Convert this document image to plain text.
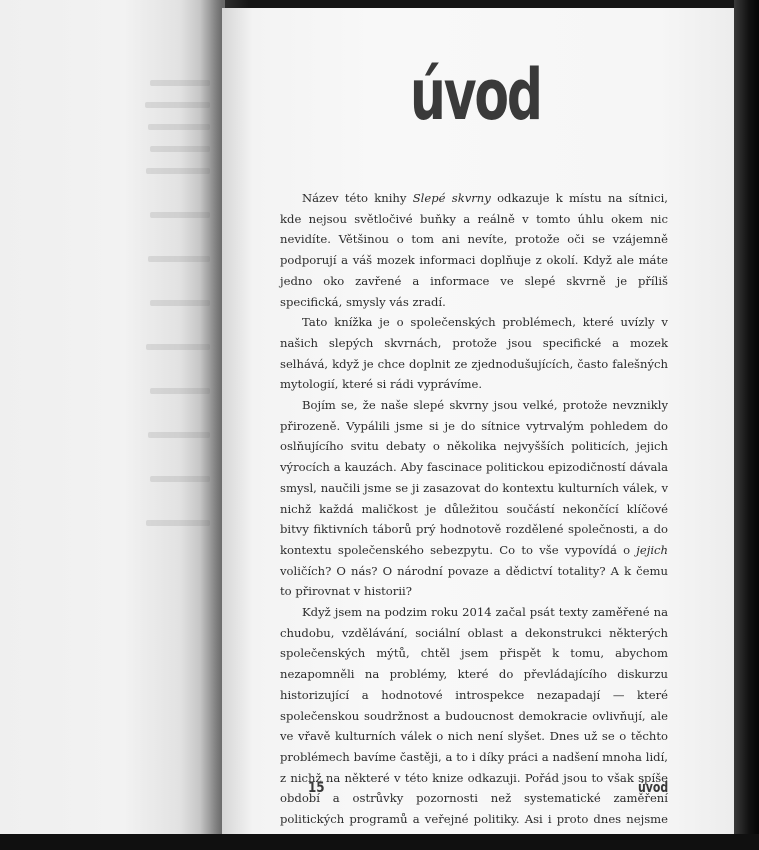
úvod

Název této knihy Slepé skvrny odkazuje k místu na sítnici, kde nejsou světločivé buňky a reálně v tomto úhlu okem nic nevidíte. Většinou o tom ani nevíte, protože oči se vzájemně podporují a váš mozek informaci doplňuje z okolí. Když ale máte jedno oko zavřené a informace ve slepé skvrně je příliš specifická, smysly vás zradí.

Tato knížka je o společenských problémech, které uvízly v našich slepých skvrnách, protože jsou specifické a mozek selhává, když je chce doplnit ze zjednodušujících, často falešných mytologií, které si rádi vyprávíme.

Bojím se, že naše slepé skvrny jsou velké, protože nevznikly přirozeně. Vypálili jsme si je do sítnice vytrvalým pohledem do oslňujícího svitu debaty o několika nejvyšších politicích, jejich výrocích a kauzách. Aby fascinace politickou epizodičností dávala smysl, naučili jsme se ji zasazovat do kontextu kulturních válek, v nichž každá maličkost je důležitou součástí nekončící klíčové bitvy fiktivních táborů prý hodnotově rozdělené společnosti, a do kontextu společenského sebezpytu. Co to vše vypovídá o jejich voličích? O nás? O národní povaze a dědictví totality? A k čemu to přirovnat v historii?

Když jsem na podzim roku 2014 začal psát texty zaměřené na chudobu, vzdělávání, sociální oblast a dekonstrukci některých společenských mýtů, chtěl jsem přispět k tomu, abychom nezapomněli na problémy, které do převládajícího diskurzu historizující a hodnotové introspekce nezapadají — které společenskou soudržnost a budoucnost demokracie ovlivňují, ale ve vřavě kulturních válek o nich není slyšet. Dnes už se o těchto problémech bavíme častěji, a to i díky práci a nadšení mnoha lidí, z nichž na některé v této knize odkazuji. Pořád jsou to však spíše období a ostrůvky pozornosti než systematické zaměření politických programů a veřejné politiky. Asi i proto dnes nejsme

15	úvod
